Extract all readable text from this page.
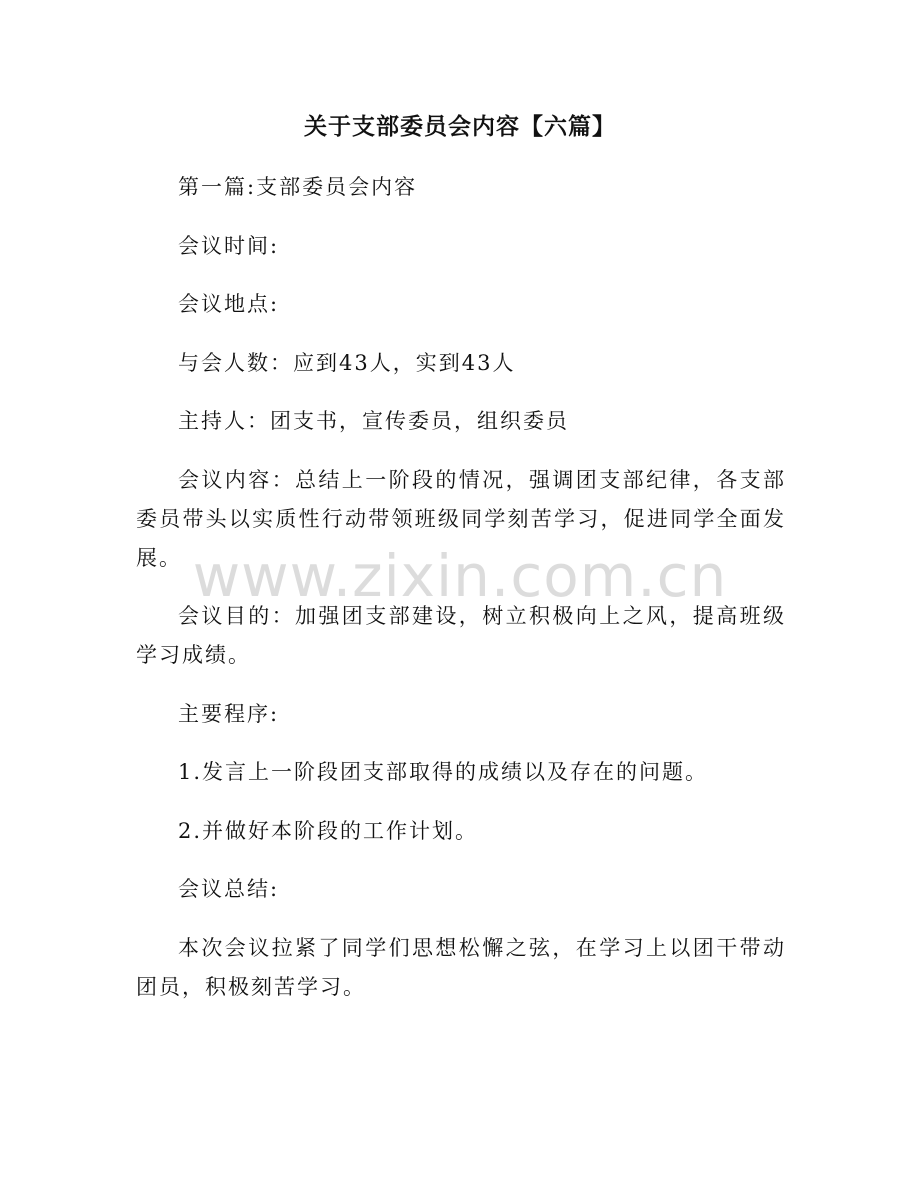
关于支部委员会内容【六篇】

第一篇:支部委员会内容

会议时间:

会议地点:

与会人数：应到43人，实到43人

主持人：团支书，宣传委员，组织委员

会议内容：总结上一阶段的情况，强调团支部纪律，各支部委员带头以实质性行动带领班级同学刻苦学习，促进同学全面发展。

会议目的：加强团支部建设，树立积极向上之风，提高班级学习成绩。

主要程序:

1.发言上一阶段团支部取得的成绩以及存在的问题。

2.并做好本阶段的工作计划。

会议总结:

本次会议拉紧了同学们思想松懈之弦，在学习上以团干带动团员，积极刻苦学习。

www.zixin.com.cn
